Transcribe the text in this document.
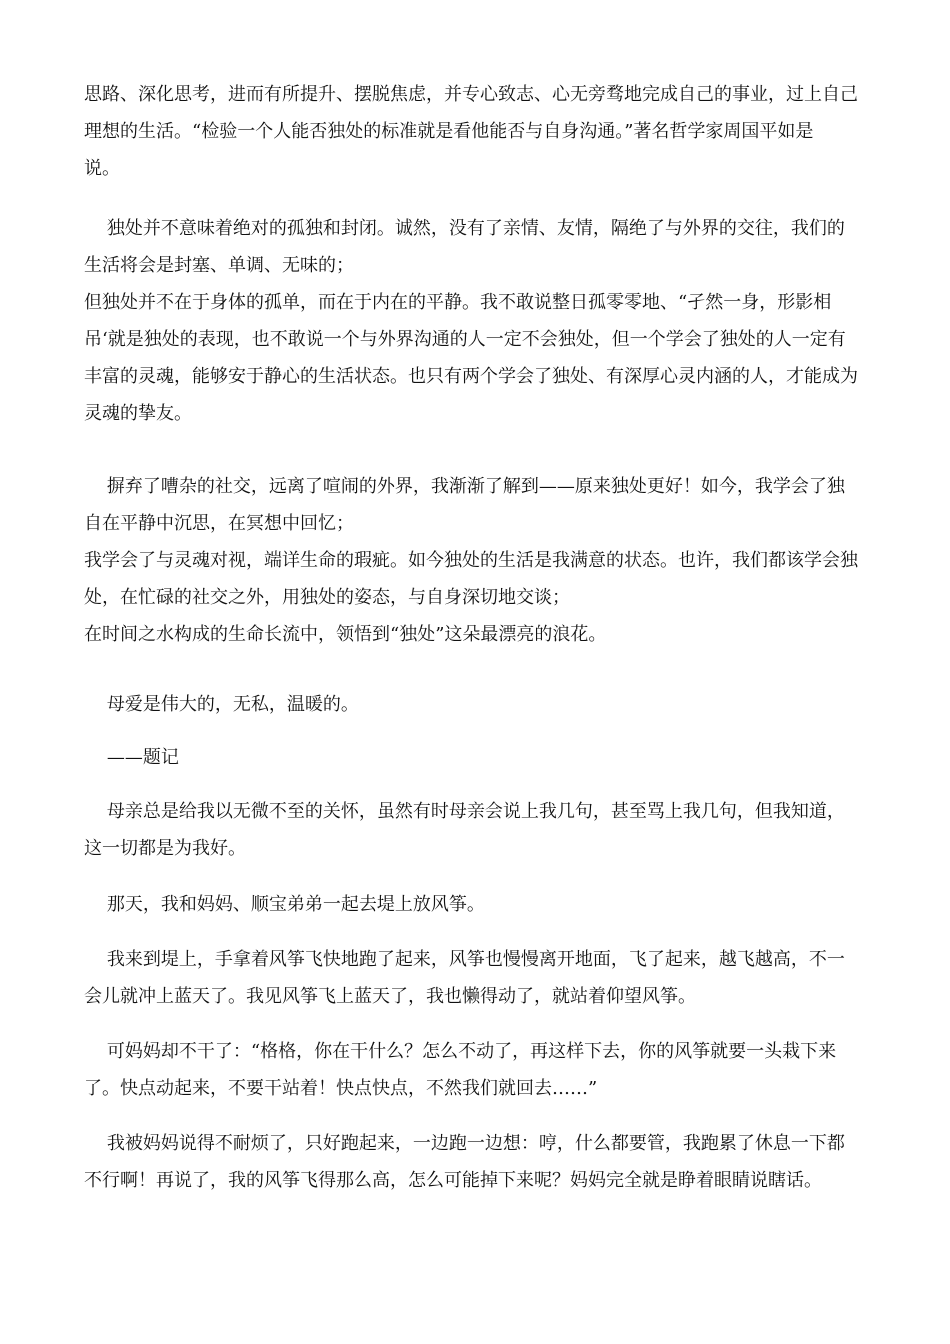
思路、深化思考，进而有所提升、摆脱焦虑，并专心致志、心无旁骛地完成自己的事业，过上自己

理想的生活。“检验一个人能否独处的标准就是看他能否与自身沟通。”著名哲学家周国平如是

说。

独处并不意味着绝对的孤独和封闭。诚然，没有了亲情、友情，隔绝了与外界的交往，我们的

生活将会是封塞、单调、无味的；

但独处并不在于身体的孤单，而在于内在的平静。我不敢说整日孤零零地、“孑然一身，形影相

吊‘就是独处的表现，也不敢说一个与外界沟通的人一定不会独处，但一个学会了独处的人一定有

丰富的灵魂，能够安于静心的生活状态。也只有两个学会了独处、有深厚心灵内涵的人，才能成为

灵魂的挚友。

摒弃了嘈杂的社交，远离了喧闹的外界，我渐渐了解到——原来独处更好！如今，我学会了独

自在平静中沉思，在冥想中回忆；

我学会了与灵魂对视，端详生命的瑕疵。如今独处的生活是我满意的状态。也许，我们都该学会独

处，在忙碌的社交之外，用独处的姿态，与自身深切地交谈；

在时间之水构成的生命长流中，领悟到“独处”这朵最漂亮的浪花。

母爱是伟大的，无私，温暖的。

——题记

母亲总是给我以无微不至的关怀，虽然有时母亲会说上我几句，甚至骂上我几句，但我知道，

这一切都是为我好。

那天，我和妈妈、顺宝弟弟一起去堤上放风筝。

我来到堤上，手拿着风筝飞快地跑了起来，风筝也慢慢离开地面，飞了起来，越飞越高，不一

会儿就冲上蓝天了。我见风筝飞上蓝天了，我也懒得动了，就站着仰望风筝。

可妈妈却不干了：“格格，你在干什么？怎么不动了，再这样下去，你的风筝就要一头栽下来

了。快点动起来，不要干站着！快点快点，不然我们就回去……”

我被妈妈说得不耐烦了，只好跑起来，一边跑一边想：哼，什么都要管，我跑累了休息一下都

不行啊！再说了，我的风筝飞得那么高，怎么可能掉下来呢？妈妈完全就是睁着眼睛说瞎话。
